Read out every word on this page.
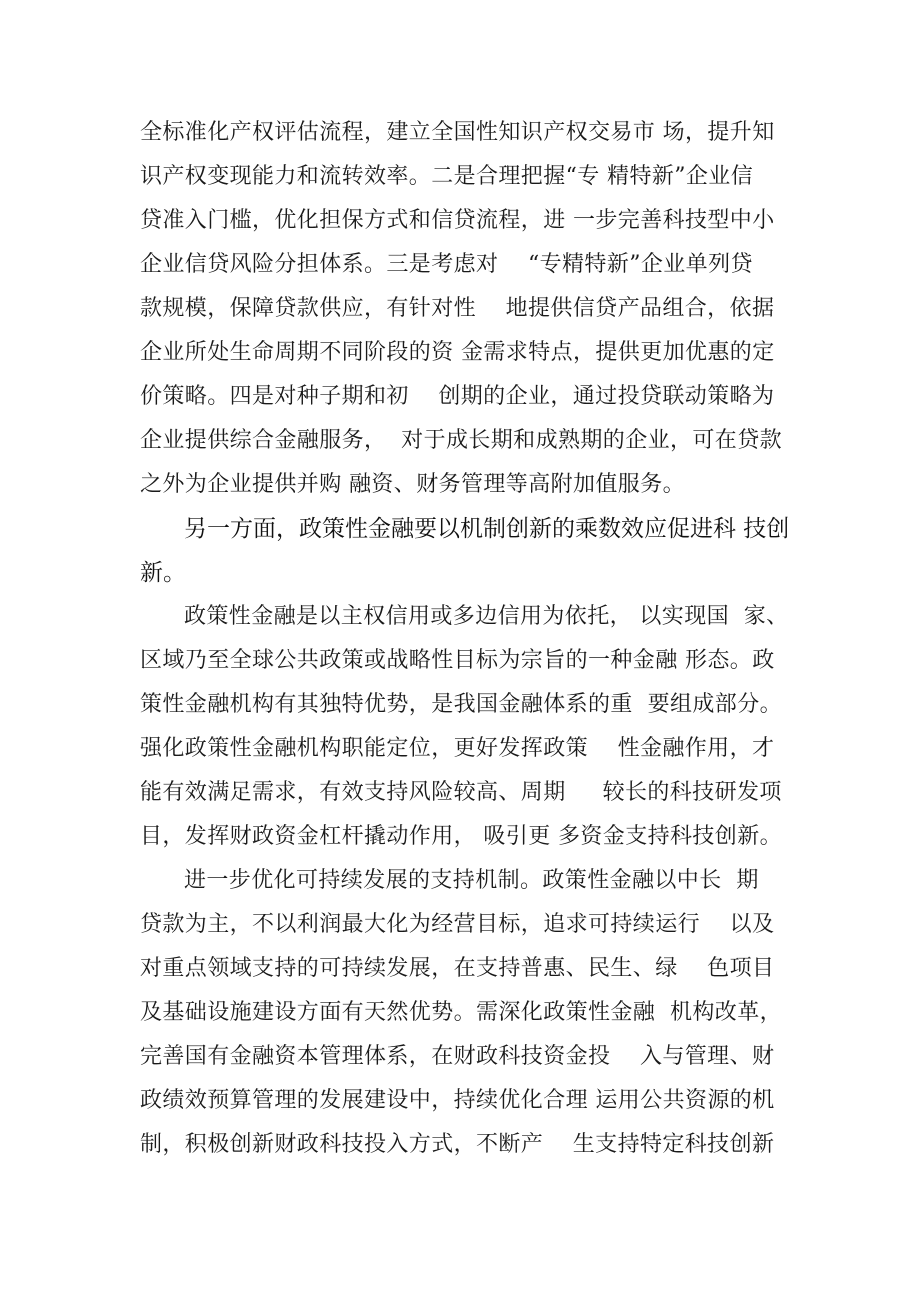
全标准化产权评估流程，建立全国性知识产权交易市 场，提升知
识产权变现能力和流转效率。二是合理把握“专 精特新”企业信
贷准入门槛，优化担保方式和信贷流程，进 一步完善科技型中小
企业信贷风险分担体系。三是考虑对    “专精特新”企业单列贷
款规模，保障贷款供应，有针对性    地提供信贷产品组合，依据
企业所处生命周期不同阶段的资 金需求特点，提供更加优惠的定
价策略。四是对种子期和初    创期的企业，通过投贷联动策略为
企业提供综合金融服务，  对于成长期和成熟期的企业，可在贷款
之外为企业提供并购 融资、财务管理等高附加值服务。
另一方面，政策性金融要以机制创新的乘数效应促进科 技创
新。
政策性金融是以主权信用或多边信用为依托， 以实现国  家、
区域乃至全球公共政策或战略性目标为宗旨的一种金融 形态。政
策性金融机构有其独特优势，是我国金融体系的重  要组成部分。
强化政策性金融机构职能定位，更好发挥政策    性金融作用，才
能有效满足需求，有效支持风险较高、周期     较长的科技研发项
目，发挥财政资金杠杆撬动作用， 吸引更 多资金支持科技创新。
进一步优化可持续发展的支持机制。政策性金融以中长  期
贷款为主，不以利润最大化为经营目标，追求可持续运行    以及
对重点领域支持的可持续发展，在支持普惠、民生、绿    色项目
及基础设施建设方面有天然优势。需深化政策性金融  机构改革，
完善国有金融资本管理体系，在财政科技资金投    入与管理、财
政绩效预算管理的发展建设中，持续优化合理 运用公共资源的机
制，积极创新财政科技投入方式，不断产    生支持特定科技创新
